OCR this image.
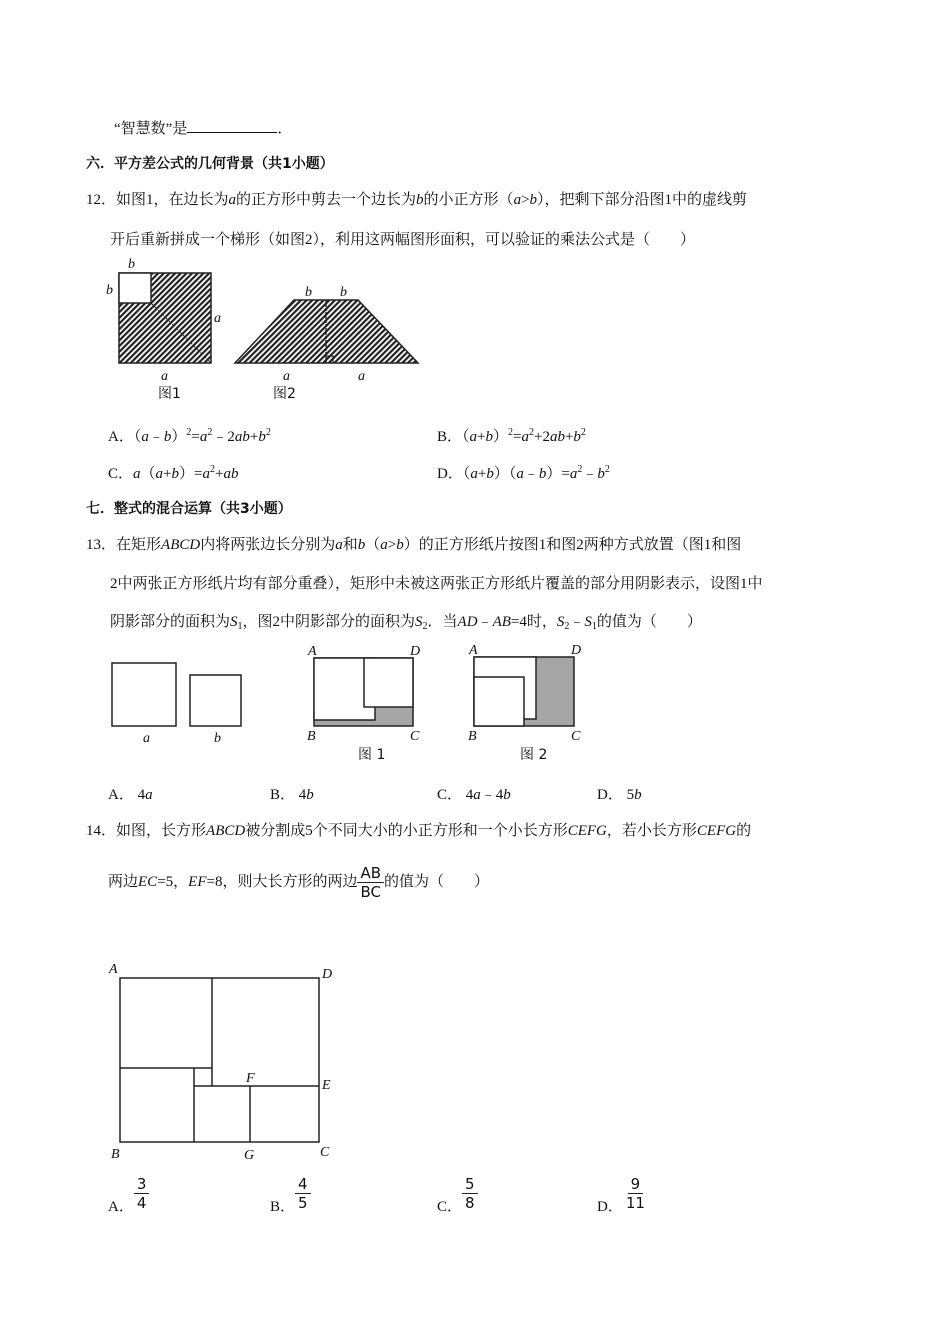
“智慧数”是	．
六．平方差公式的几何背景（共1小题）
12．如图1，在边长为a的正方形中剪去一个边长为b的小正方形（a>b），把剩下部分沿图1中的虚线剪
开后重新拼成一个梯形（如图2），利用这两幅图形面积，可以验证的乘法公式是（　　）
b
b
a
a
图1
b b
a	a
图2
A．$(a﹣b)^2=a^2﹣2ab+b^2$	B．$(a+b)^2=a^2+2ab+b^2$
C．$a(a+b)=a^2+ab$	D．$(a+b)(a﹣b)=a^2﹣b^2$
七．整式的混合运算（共3小题）
13．在矩形ABCD内将两张边长分别为a和b（a>b）的正方形纸片按图1和图2两种方式放置（图1和图
2中两张正方形纸片均有部分重叠），矩形中未被这两张正方形纸片覆盖的部分用阴影表示，设图1中
阴影部分的面积为$S_1$，图2中阴影部分的面积为$S_2$．当AD﹣AB=4时，$S_2﹣S_1$的值为（　　）
a	b
A	D
B	C
图 1
A	D
B	C
图 2
A． 4a	B． 4b	C． 4a﹣4b	D． 5b
14．如图，长方形ABCD被分割成5个不同大小的小正方形和一个小长方形CEFG，若小长方形CEFG的
两边EC=5，EF=8，则大长方形的两边 $\frac{AB}{BC}$ 的值为（　　）
A	D
E
F
B	G	C
A． $\frac{3}{4}$	B． $\frac{4}{5}$	C． $\frac{5}{8}$	D． $\frac{9}{11}$
